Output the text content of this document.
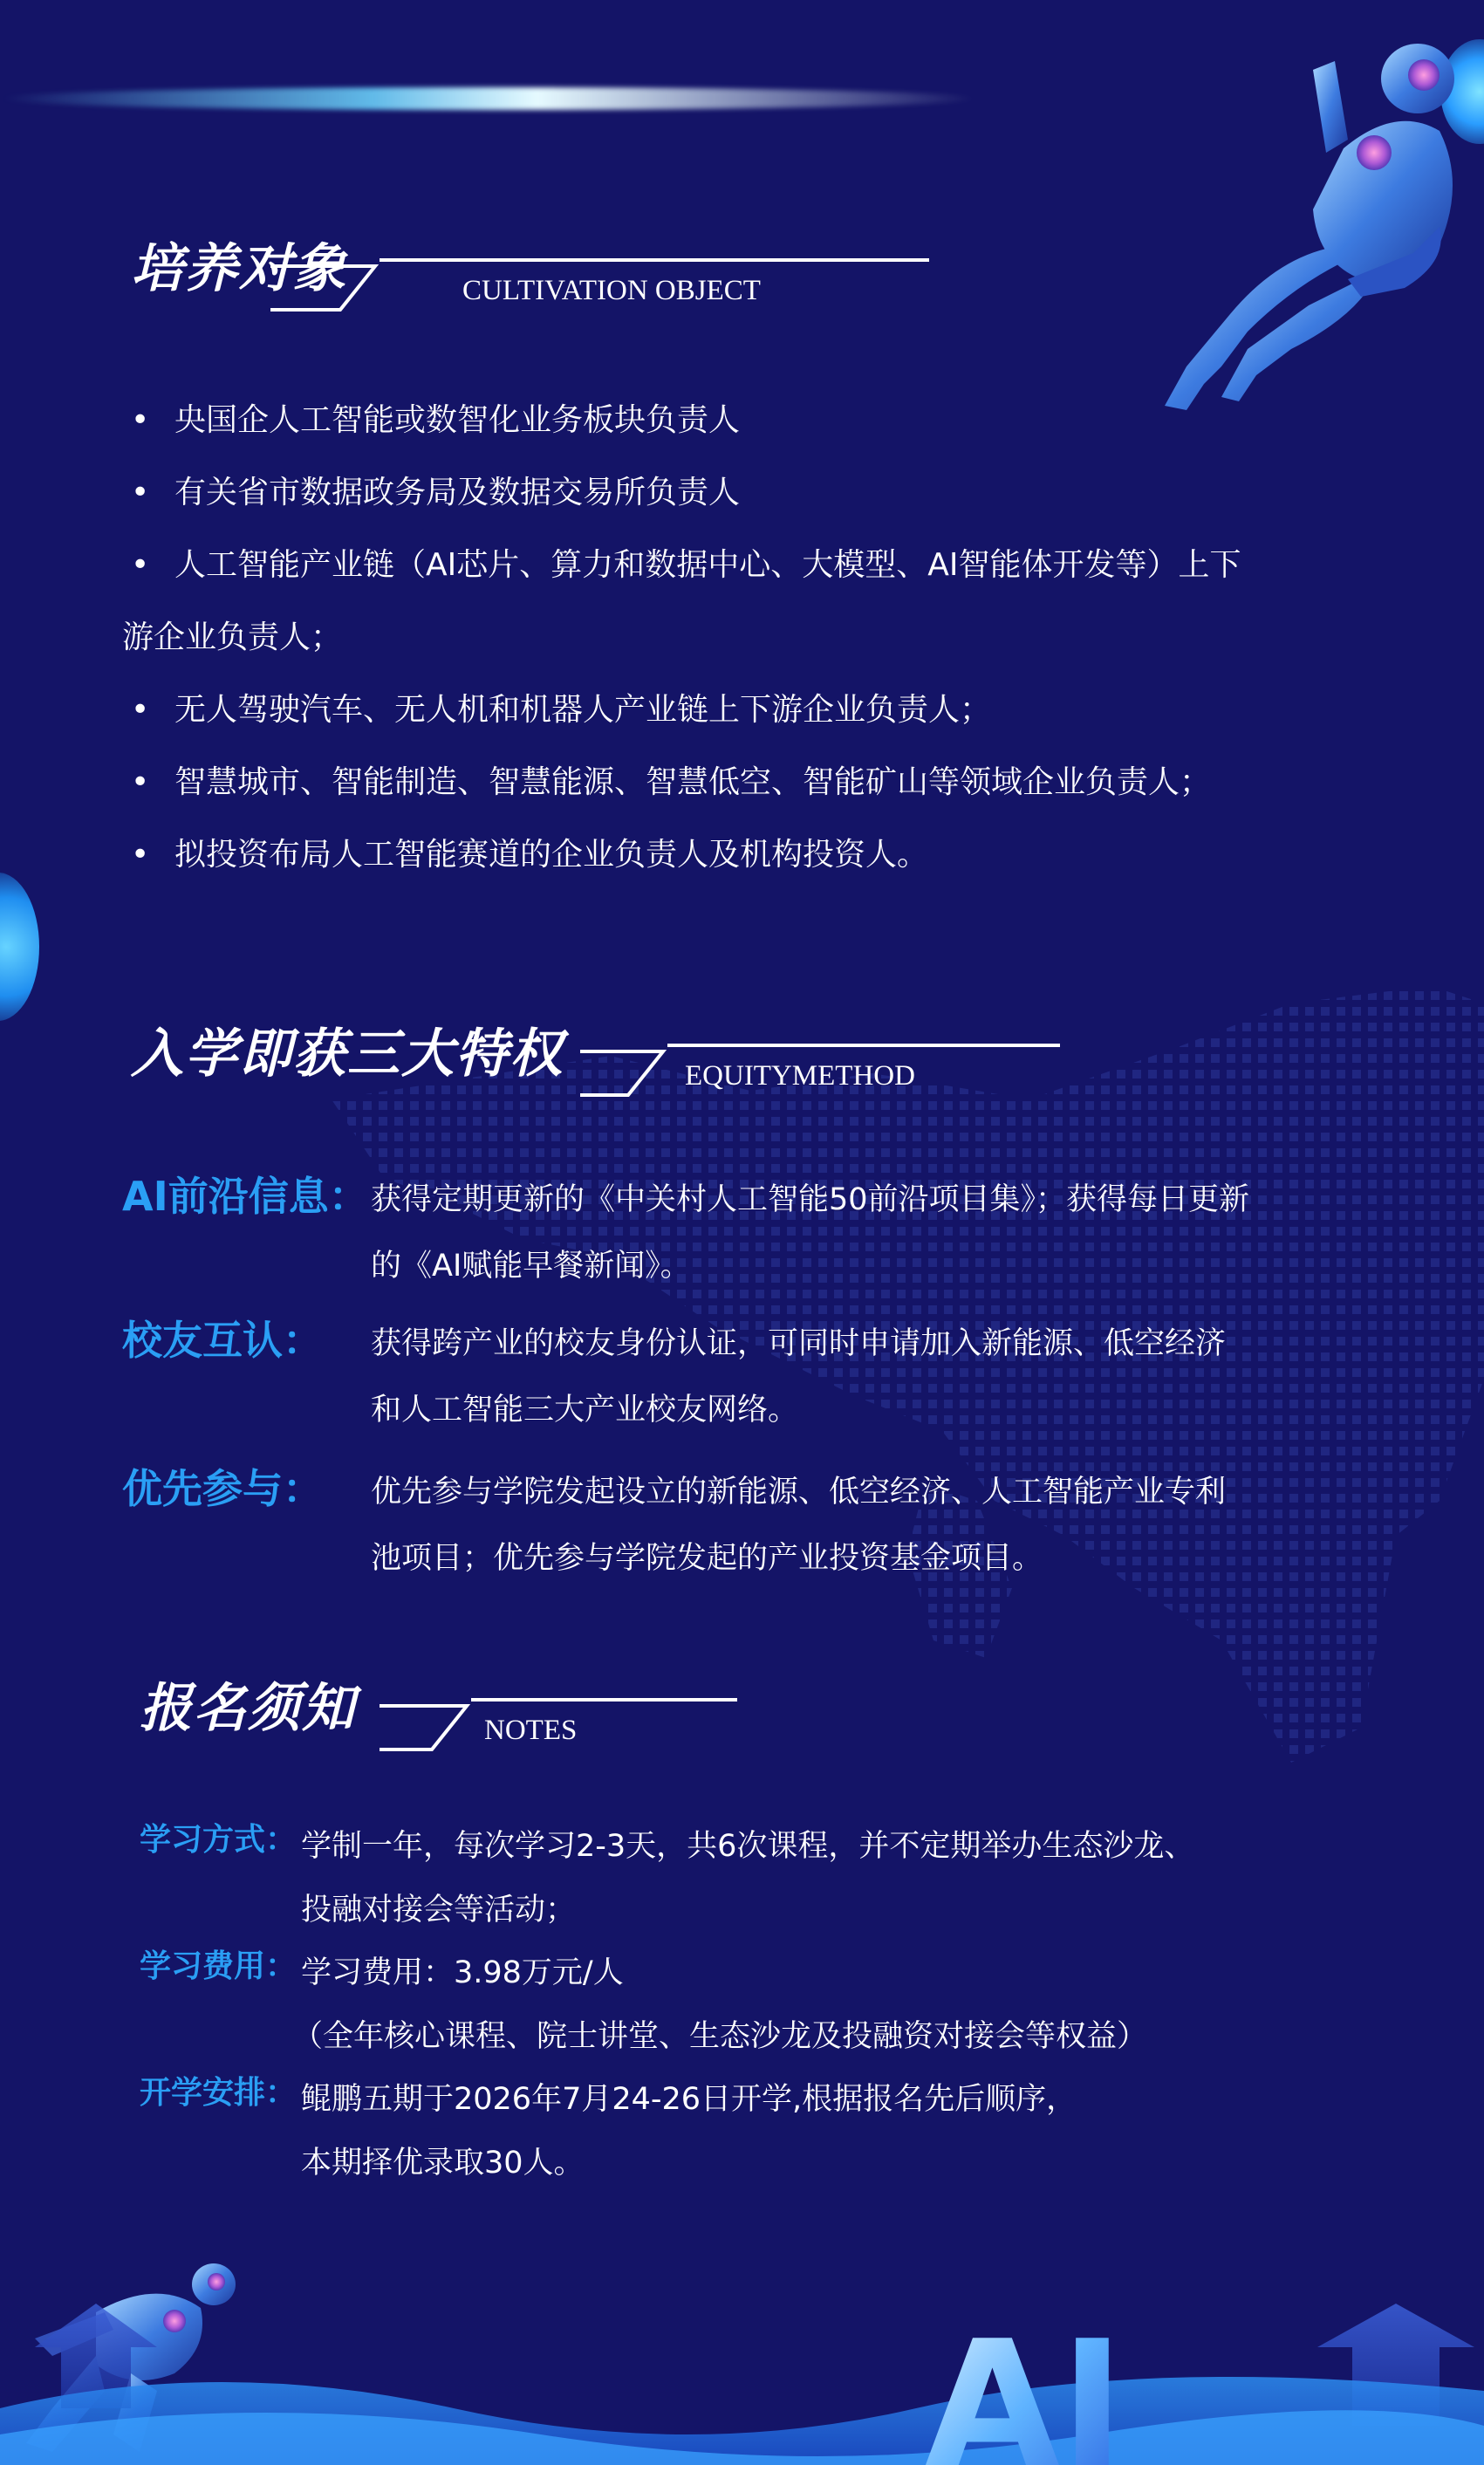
AI
培养对象	CULTIVATION OBJECT
• 央国企人工智能或数智化业务板块负责人
• 有关省市数据政务局及数据交易所负责人
• 人工智能产业链（AI芯片、算力和数据中心、大模型、AI智能体开发等）上下
游企业负责人；
• 无人驾驶汽车、无人机和机器人产业链上下游企业负责人；
• 智慧城市、智能制造、智慧能源、智慧低空、智能矿山等领域企业负责人；
• 拟投资布局人工智能赛道的企业负责人及机构投资人。
入学即获三大特权	EQUITYMETHOD
AI前沿信息： 获得定期更新的《中关村人工智能50前沿项目集》；获得每日更新
的《AI赋能早餐新闻》。
校友互认： 获得跨产业的校友身份认证，可同时申请加入新能源、低空经济
和人工智能三大产业校友网络。
优先参与： 优先参与学院发起设立的新能源、低空经济、人工智能产业专利
池项目；优先参与学院发起的产业投资基金项目。
报名须知	NOTES
学习方式： 学制一年，每次学习2-3天，共6次课程，并不定期举办生态沙龙、
投融对接会等活动；
学习费用： 学习费用：3.98万元/人
（全年核心课程、院士讲堂、生态沙龙及投融资对接会等权益）
开学安排： 鲲鹏五期于2026年7月24-26日开学,根据报名先后顺序，
本期择优录取30人。
